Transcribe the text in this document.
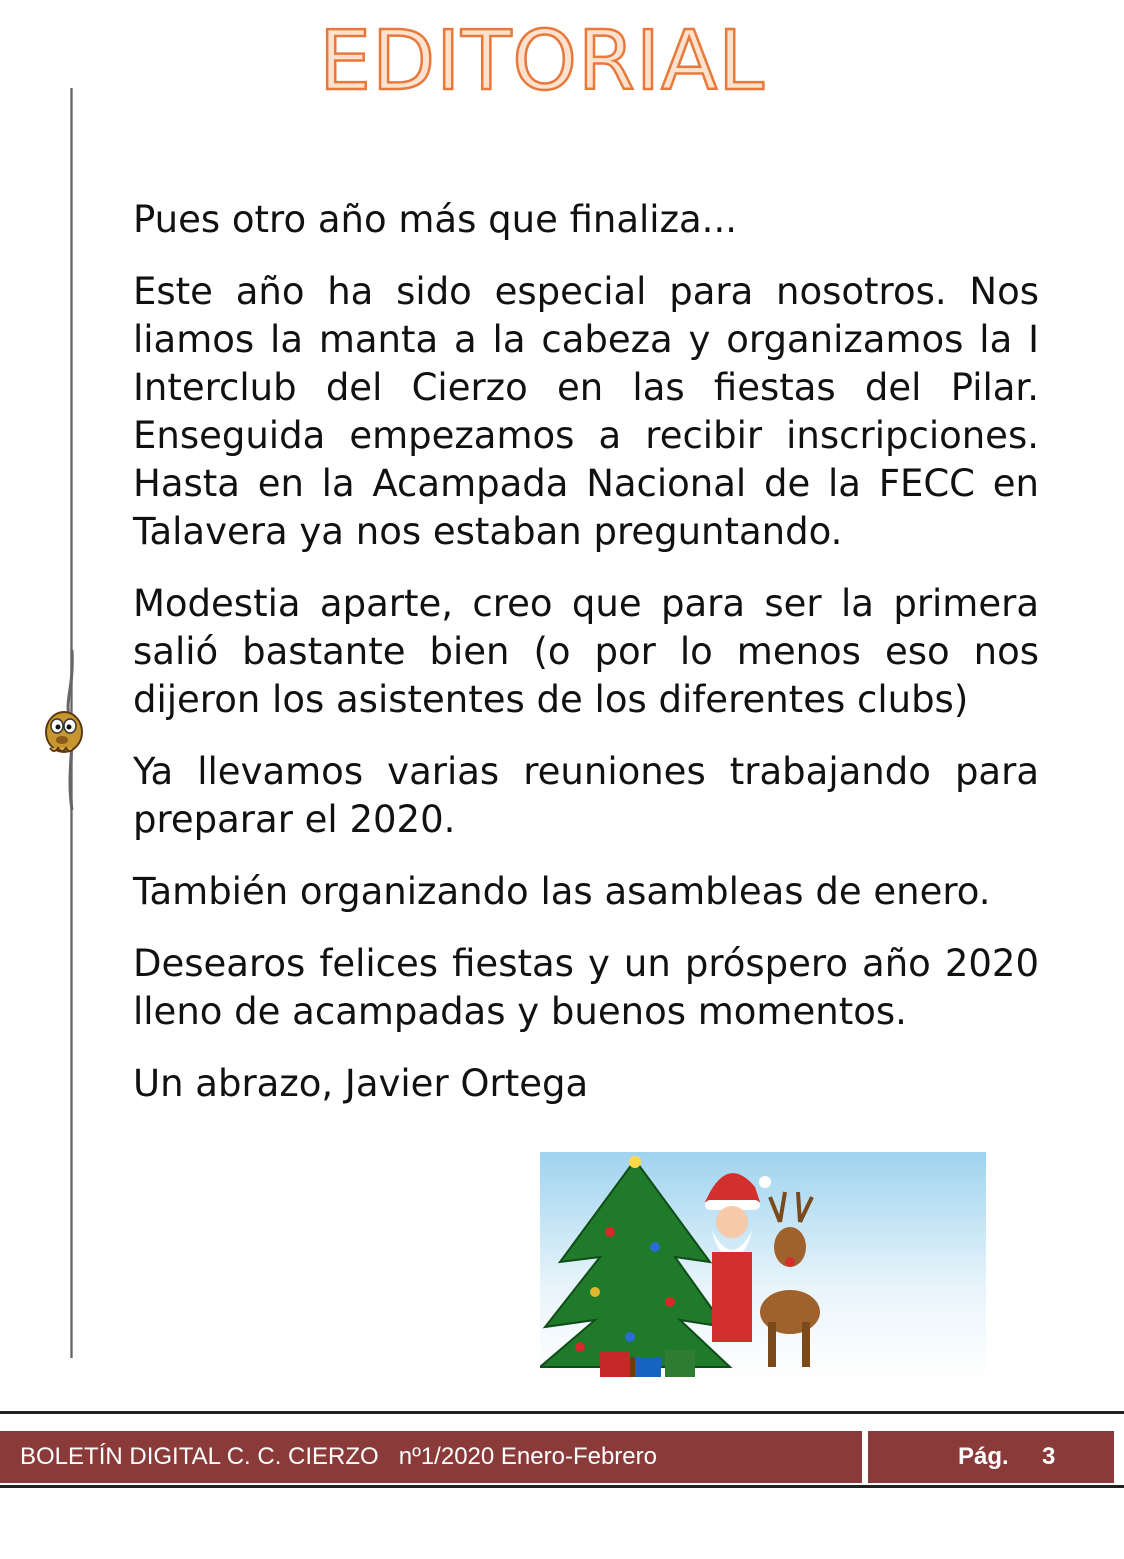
EDITORIAL

Pues otro año más que finaliza...

Este año ha sido especial para nosotros. Nos liamos la manta a la cabeza y organizamos la I Interclub del Cierzo en las fiestas del Pilar. Enseguida empezamos a recibir inscripciones. Hasta en la Acampada Nacional de la FECC en Talavera ya nos estaban preguntando.

Modestia aparte, creo que para ser la primera salió bastante bien (o por lo menos eso nos dijeron los asistentes de los diferentes clubs)

Ya llevamos varias reuniones trabajando para preparar el 2020.

También organizando las asambleas de enero.

Desearos felices fiestas y un próspero año 2020 lleno de acampadas y buenos momentos.

Un abrazo, Javier Ortega

BOLETÍN DIGITAL C. C. CIERZO   nº1/2020 Enero-Febrero	Pág. 3
